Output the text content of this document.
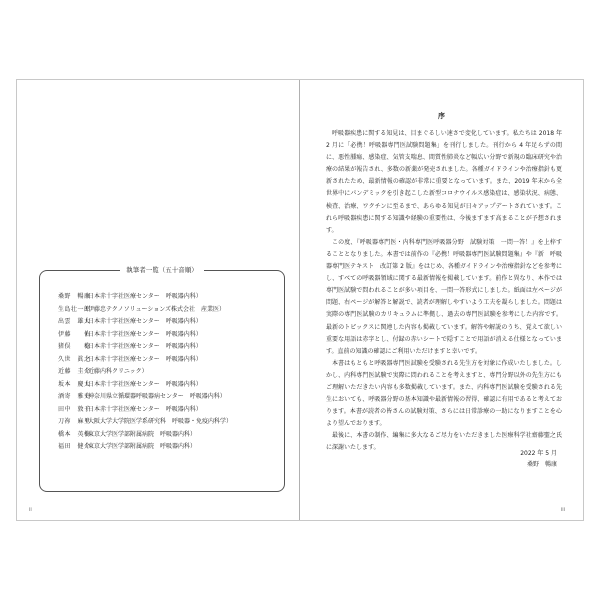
執筆者一覧（五十音順）
桑野　暢康
（日本赤十字社医療センター　呼吸器内科）
生島壮一郎
（伊藤忠テクノソリューションズ株式会社　産業医）
出雲　雄大
（日本赤十字社医療センター　呼吸器内科）
伊藤　　佑
（日本赤十字社医療センター　呼吸器内科）
猪俣　　稔
（日本赤十字社医療センター　呼吸器内科）
久世　眞之
（日本赤十字社医療センター　呼吸器内科）
近藤　圭介
（近藤内科クリニック）
坂本　慶太
（日本赤十字社医療センター　呼吸器内科）
酒寄　雅史
（神奈川県立循環器呼吸器病センター　呼吸器内科）
田中　敦子
（日本赤十字社医療センター　呼吸器内科）
刀祢　麻里
（大阪大学大学院医学系研究科　呼吸器・免疫内科学）
橋本　英樹
（東京大学医学部附属病院　呼吸器内科）
福田　健介
（東京大学医学部附属病院　呼吸器内科）
ii
序

呼吸器疾患に関する知見は、目まぐるしい速さで変化しています。私たちは 2018 年 2 月に「必携！呼吸器専門医試験問題集」を刊行しました。刊行から 4 年足らずの間に、悪性腫瘍、感染症、気管支喘息、間質性肺炎など幅広い分野で新規の臨床研究や治療の結果が報告され、多数の新薬が発売されました。各種ガイドラインや治療指針も更新されたため、最新情報の確認が非常に重要となっています。また、2019 年末から全世界中にパンデミックを引き起こした新型コロナウイルス感染症は、感染状況、病態、検査、治療、ワクチンに至るまで、あらゆる知見が日々アップデートされています。これら呼吸器疾患に関する知識や経験の重要性は、今後ますます高まることが予想されます。

この度、『呼吸器専門医・内科専門医呼吸器分野　試験対策　一問一答！』を上梓することとなりました。本書では前作の『必携！呼吸器専門医試験問題集』や『新　呼吸器専門医テキスト　改訂第 2 版』をはじめ、各種ガイドラインや治療指針などを参考にし、すべての呼吸器領域に関する最新情報を掲載しています。前作と異なり、本作では専門医試験で問われることが多い項目を、一問一答形式にしました。紙面は左ページが問題、右ページが解答と解説で、読者が理解しやすいよう工夫を凝らしました。問題は実際の専門医試験のカリキュラムに準拠し、過去の専門医試験を参考にした内容です。最新のトピックスに関連した内容も掲載しています。解答や解説のうち、覚えて欲しい重要な用語は赤字とし、付録の赤いシートで隠すことで用語が消える仕様となっています。直前の知識の確認にご利用いただけますと幸いです。

本書はもともと呼吸器専門医試験を受験される先生方を対象に作成いたしました。しかし、内科専門医試験で実際に問われることを考えますと、専門分野以外の先生方にもご理解いただきたい内容も多数掲載しています。また、内科専門医試験を受験される先生においても、呼吸器分野の基本知識や最新情報の習得、確認に有用であると考えております。本書が読者の皆さんの試験対策、さらには日常診療の一助になりますことを心より望んでおります。

最後に、本書の制作、編集に多大なるご尽力をいただきました医療科学社齋藤聖之氏に深謝いたします。

2022 年 5 月
桑野　暢康
iii
